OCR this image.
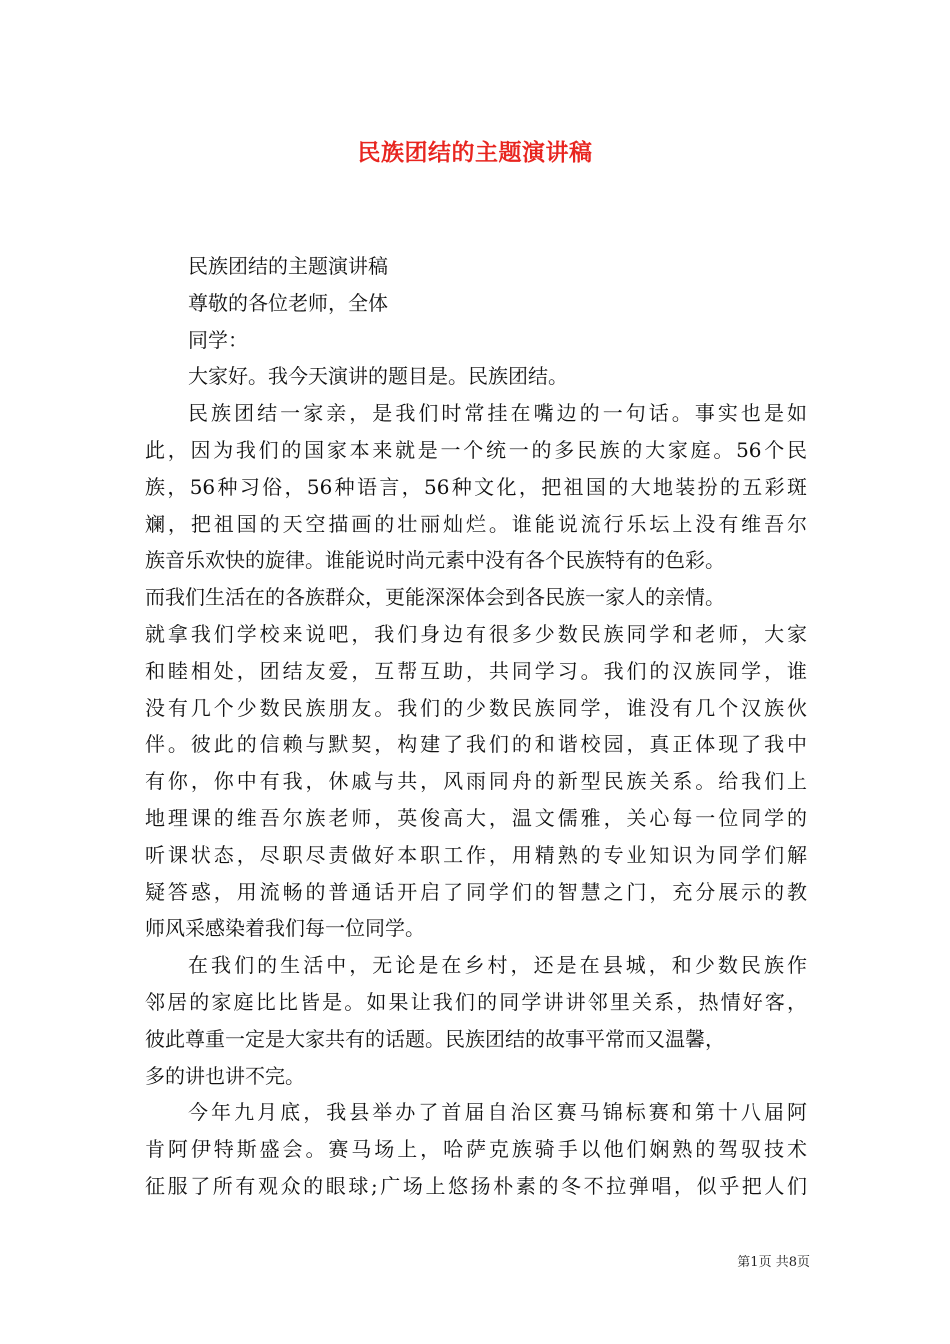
民族团结的主题演讲稿
民族团结的主题演讲稿
尊敬的各位老师，全体
同学：
大家好。我今天演讲的题目是。民族团结。
民族团结一家亲，是我们时常挂在嘴边的一句话。事实也是如
此，因为我们的国家本来就是一个统一的多民族的大家庭。56个民
族，56种习俗，56种语言，56种文化，把祖国的大地装扮的五彩斑
斓，把祖国的天空描画的壮丽灿烂。谁能说流行乐坛上没有维吾尔
族音乐欢快的旋律。谁能说时尚元素中没有各个民族特有的色彩。
而我们生活在的各族群众，更能深深体会到各民族一家人的亲情。
就拿我们学校来说吧，我们身边有很多少数民族同学和老师，大家
和睦相处，团结友爱，互帮互助，共同学习。我们的汉族同学，谁
没有几个少数民族朋友。我们的少数民族同学，谁没有几个汉族伙
伴。彼此的信赖与默契，构建了我们的和谐校园，真正体现了我中
有你，你中有我，休戚与共，风雨同舟的新型民族关系。给我们上
地理课的维吾尔族老师，英俊高大，温文儒雅，关心每一位同学的
听课状态，尽职尽责做好本职工作，用精熟的专业知识为同学们解
疑答惑，用流畅的普通话开启了同学们的智慧之门，充分展示的教
师风采感染着我们每一位同学。
在我们的生活中，无论是在乡村，还是在县城，和少数民族作
邻居的家庭比比皆是。如果让我们的同学讲讲邻里关系，热情好客，
彼此尊重一定是大家共有的话题。民族团结的故事平常而又温馨，
多的讲也讲不完。
今年九月底，我县举办了首届自治区赛马锦标赛和第十八届阿
肯阿伊特斯盛会。赛马场上，哈萨克族骑手以他们娴熟的驾驭技术
征服了所有观众的眼球;广场上悠扬朴素的冬不拉弹唱，似乎把人们
第1页 共8页
